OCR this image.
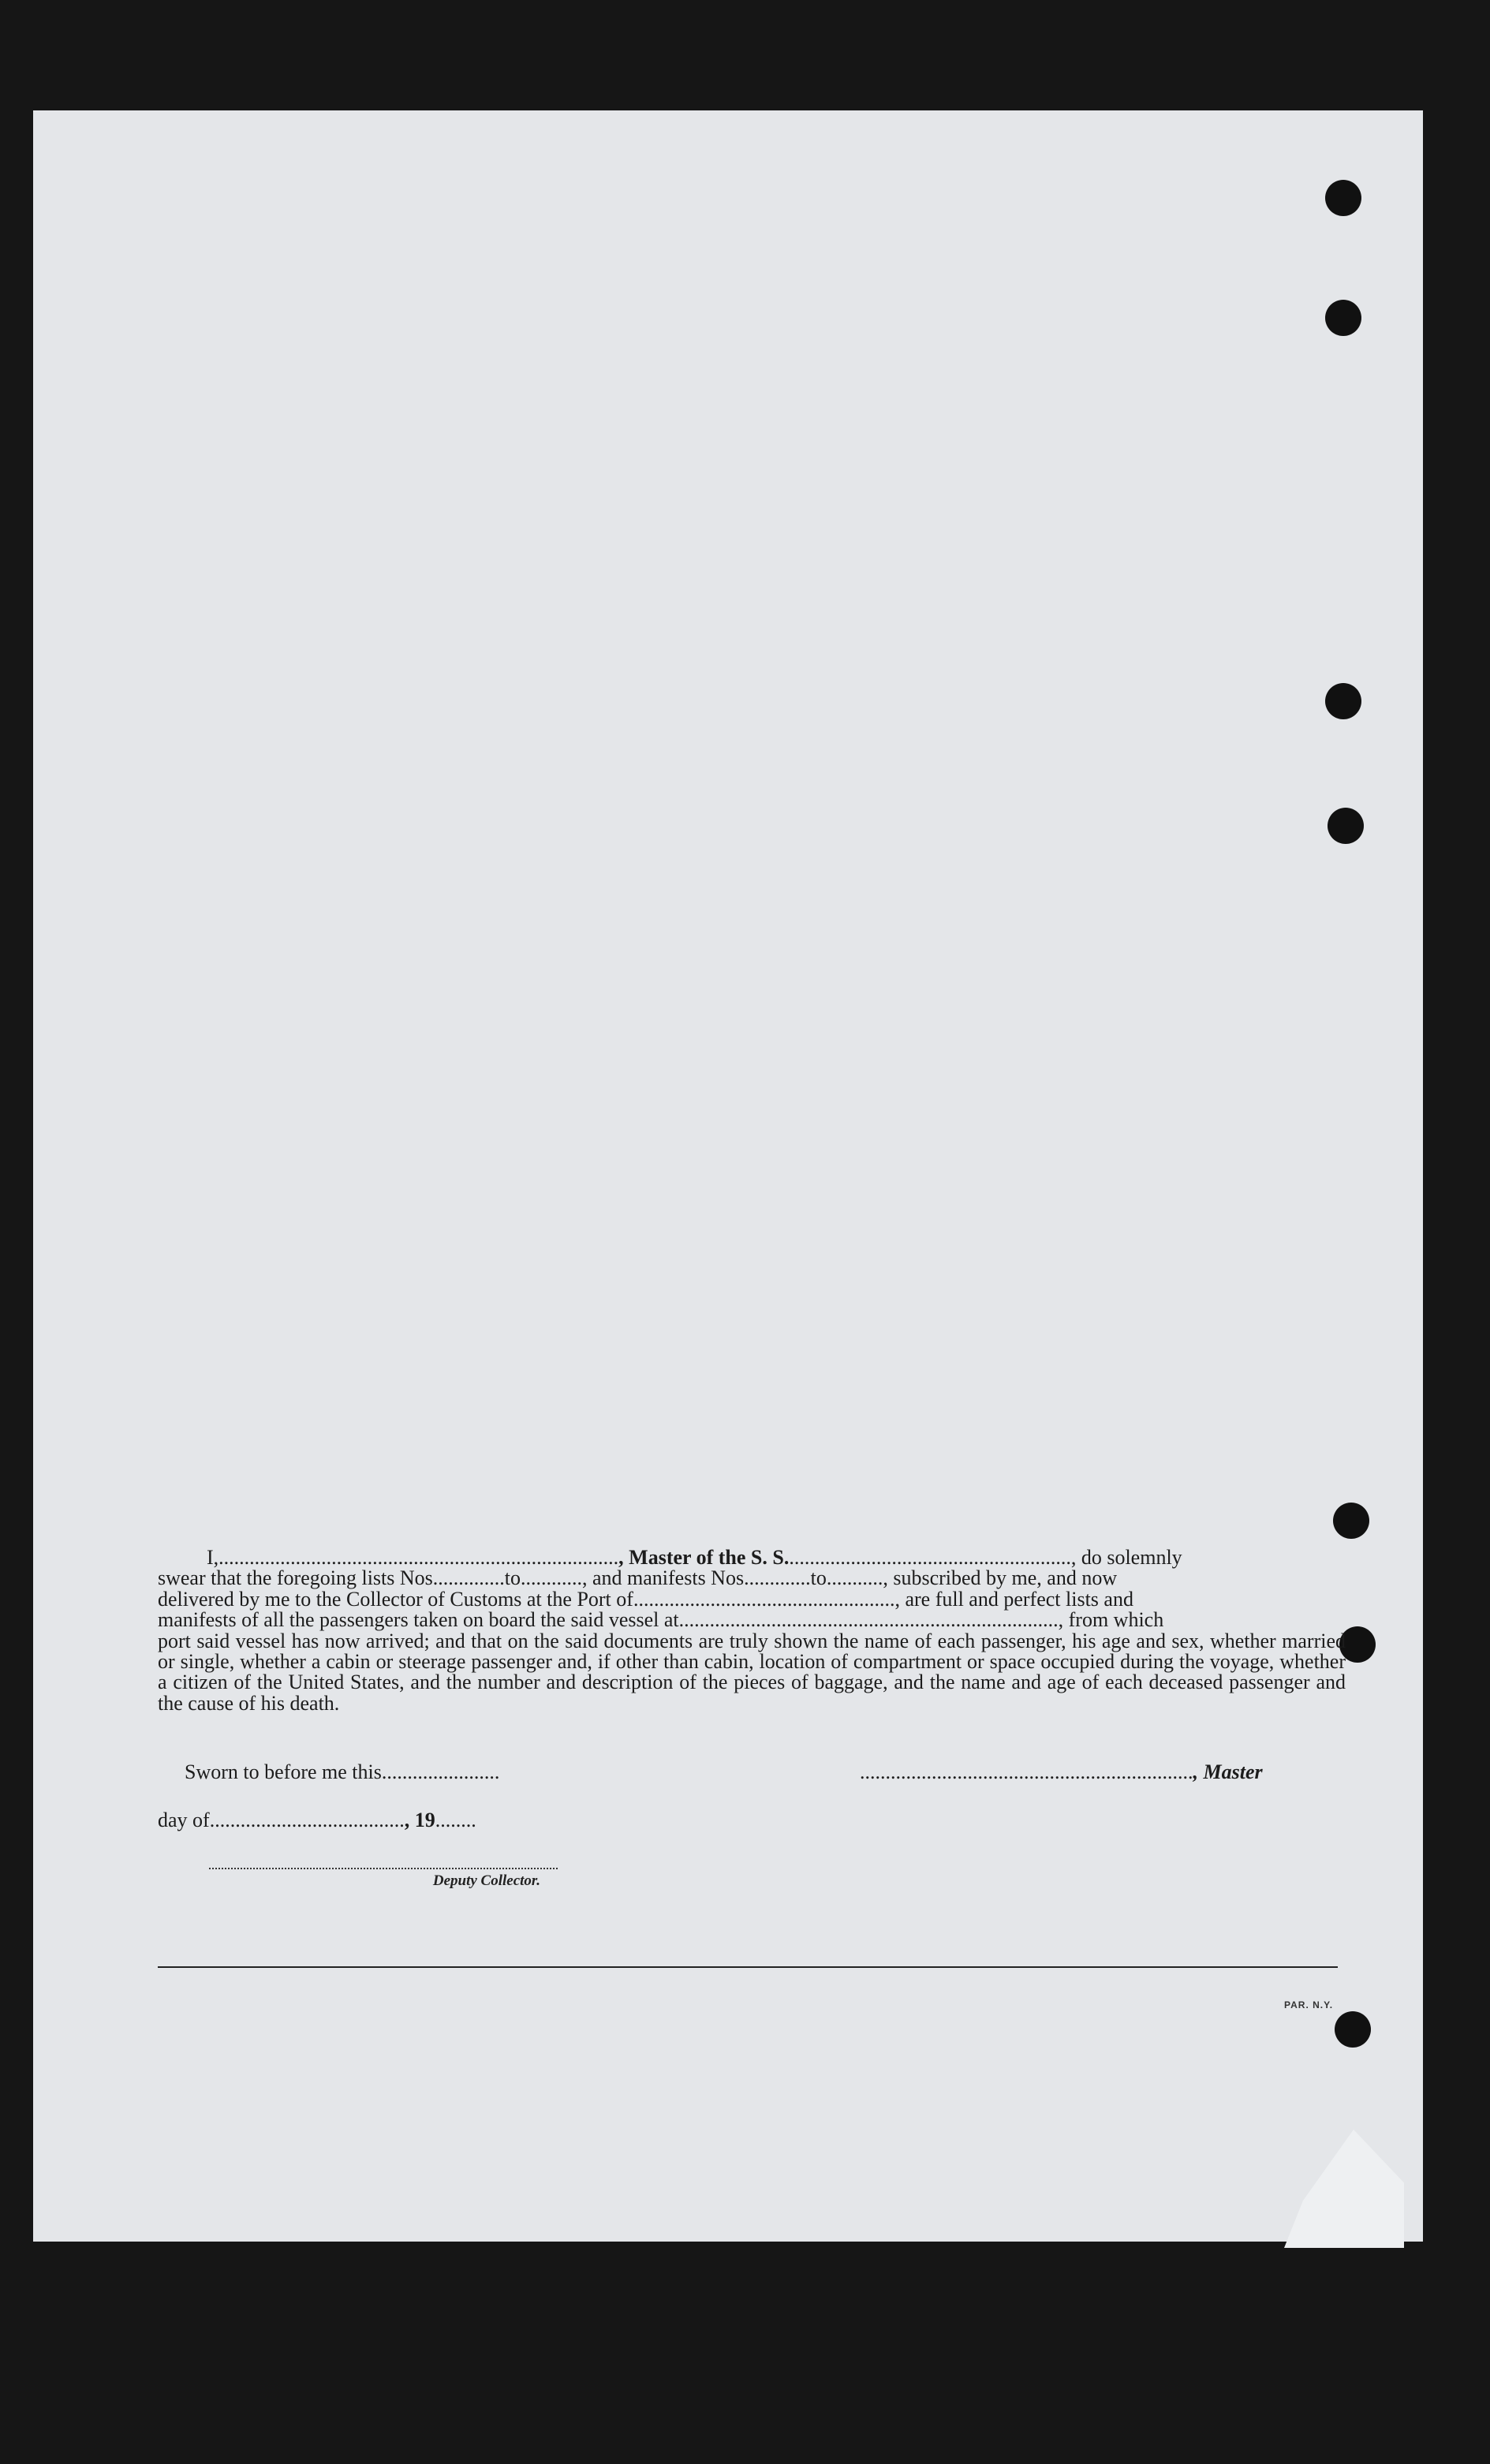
I,.............................................................................., Master of the S. S........................................................, do solemnly

swear that the foregoing lists Nos..............to............, and manifests Nos.............to..........., subscribed by me, and now

delivered by me to the Collector of Customs at the Port of..................................................., are full and perfect lists and

manifests of all the passengers taken on board the said vessel at.........................................................................., from which

port said vessel has now arrived; and that on the said documents are truly shown the name of each passenger, his age and sex, whether married or single, whether a cabin or steerage passenger and, if other than cabin, location of compartment or space occupied during the voyage, whether a citizen of the United States, and the number and description of the pieces of baggage, and the name and age of each deceased passenger and the cause of his death.

Sworn to before me this.......................	................................................................., Master
day of......................................, 19........
Deputy Collector.
PAR. N.Y.
